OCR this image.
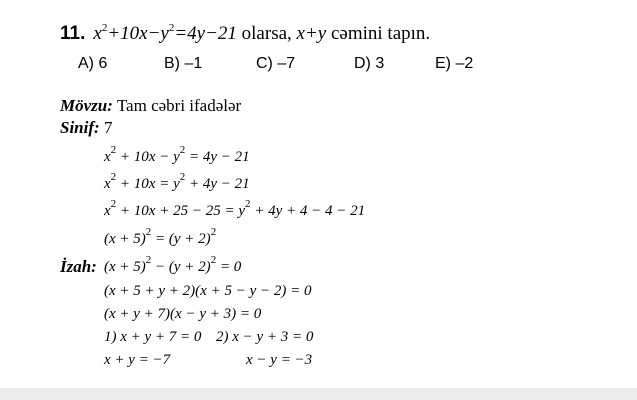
11. $x^2+10x-y^2=4y-21$ olarsa, x+y cəmini tapın.
A) 6	B) –1	C) –7	D) 3	E) –2
Mövzu: Tam cəbri ifadələr
Sinif: 7
$x^2 + 10x - y^2 = 4y - 21$
$x^2 + 10x = y^2 + 4y - 21$
$x^2 + 10x + 25 - 25 = y^2 + 4y + 4 - 4 - 21$
$(x + 5)^2 = (y + 2)^2$
İzah: $(x + 5)^2 - (y + 2)^2 = 0$
(x + 5 + y + 2)(x + 5 − y − 2) = 0
(x + y + 7)(x − y + 3) = 0
1) x + y + 7 = 0 2) x − y + 3 = 0
x + y = −7	x − y = −3
